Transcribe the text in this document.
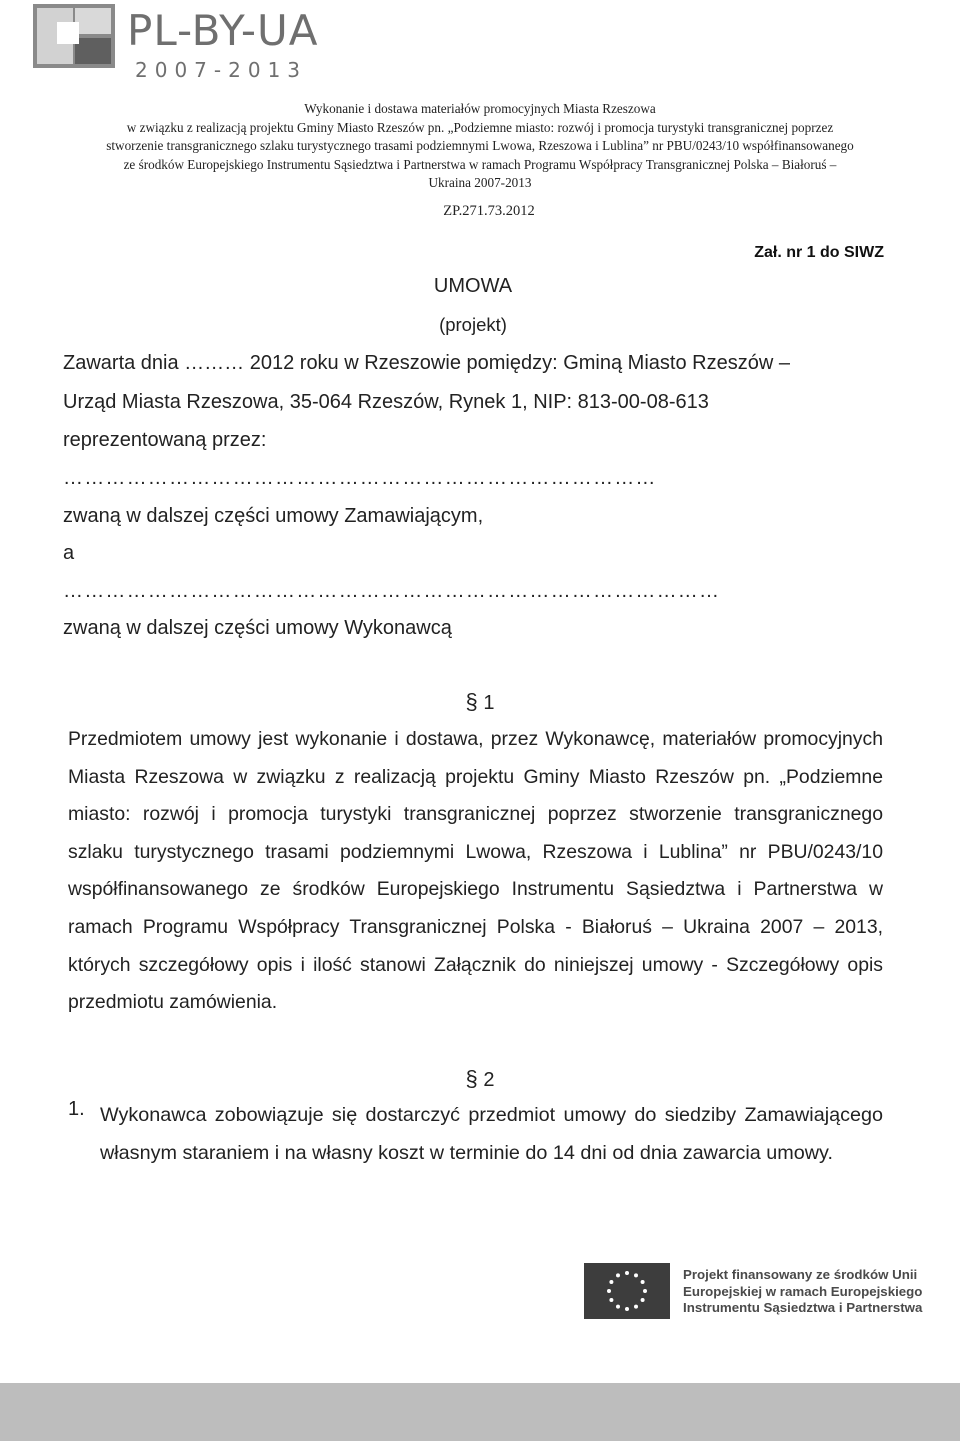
PL-BY-UA
2007-2013
Wykonanie i dostawa materiałów promocyjnych Miasta Rzeszowa
w związku z realizacją projektu Gminy Miasto Rzeszów pn. „Podziemne miasto: rozwój i promocja turystyki transgranicznej poprzez
stworzenie transgranicznego szlaku turystycznego trasami podziemnymi Lwowa, Rzeszowa i Lublina” nr PBU/0243/10 współfinansowanego
ze środków Europejskiego Instrumentu Sąsiedztwa i Partnerstwa w ramach Programu Współpracy Transgranicznej Polska – Białoruś –
Ukraina 2007-2013
ZP.271.73.2012
Zał. nr 1 do SIWZ
UMOWA
(projekt)
Zawarta dnia ……… 2012 roku w Rzeszowie pomiędzy: Gminą Miasto Rzeszów –
Urząd Miasta Rzeszowa, 35-064 Rzeszów, Rynek 1, NIP: 813-00-08-613
reprezentowaną przez:
…………………………………………………………………………
zwaną w dalszej części umowy Zamawiającym,
a
…………………………………………………………………………………
zwaną w dalszej części umowy Wykonawcą
§ 1
Przedmiotem umowy jest wykonanie i dostawa, przez Wykonawcę, materiałów promocyjnych Miasta Rzeszowa w związku z realizacją projektu Gminy Miasto Rzeszów pn. „Podziemne miasto: rozwój i promocja turystyki transgranicznej poprzez stworzenie transgranicznego szlaku turystycznego trasami podziemnymi Lwowa, Rzeszowa i Lublina” nr PBU/0243/10 współfinansowanego ze środków Europejskiego Instrumentu Sąsiedztwa i Partnerstwa w ramach Programu Współpracy Transgranicznej Polska - Białoruś – Ukraina 2007 – 2013, których szczegółowy opis i ilość stanowi Załącznik do niniejszej umowy - Szczegółowy opis przedmiotu zamówienia.
§ 2
1. Wykonawca zobowiązuje się dostarczyć przedmiot umowy do siedziby Zamawiającego własnym staraniem i na własny koszt w terminie do 14 dni od dnia zawarcia umowy.
Projekt finansowany ze środków Unii
Europejskiej w ramach Europejskiego
Instrumentu Sąsiedztwa i Partnerstwa
